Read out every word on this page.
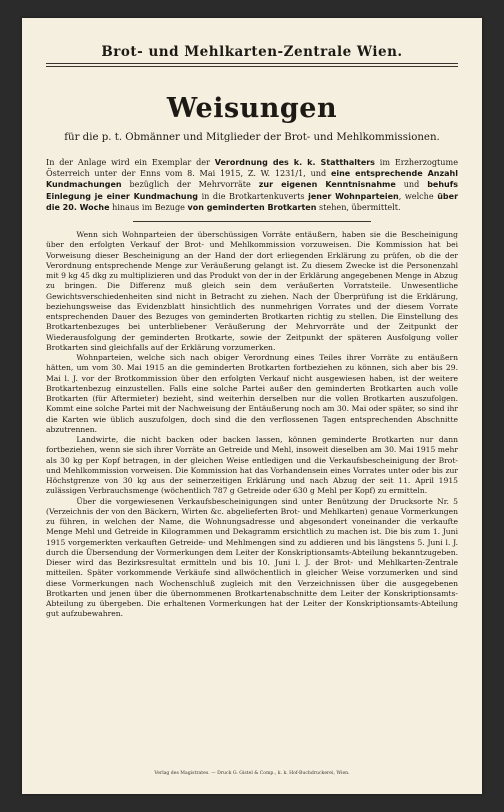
Brot- und Mehlkarten-Zentrale Wien.
Weisungen
für die p. t. Obmänner und Mitglieder der Brot- und Mehlkommissionen.
In der Anlage wird ein Exemplar der Verordnung des k. k. Statthalters im Erzherzogtume Österreich unter der Enns vom 8. Mai 1915, Z. W. 1231/1, und eine entsprechende Anzahl Kundmachungen bezüglich der Mehrvorräte zur eigenen Kenntnisnahme und behufs Einlegung je einer Kundmachung in die Brotkartenkuverts jener Wohnparteien, welche über die 20. Woche hinaus im Bezuge von geminderten Brotkarten stehen, übermittelt.

Wenn sich Wohnparteien der überschüssigen Vorräte entäußern, haben sie die Bescheinigung über den erfolgten Verkauf der Brot- und Mehlkommission vorzuweisen. Die Kommission hat bei Vorweisung dieser Bescheinigung an der Hand der dort erliegenden Erklärung zu prüfen, ob die der Verordnung entsprechende Menge zur Veräußerung gelangt ist. Zu diesem Zwecke ist die Personenzahl mit 9 kg 45 dkg zu multiplizieren und das Produkt von der in der Erklärung angegebenen Menge in Abzug zu bringen. Die Differenz muß gleich sein dem veräußerten Vorratsteile. Unwesentliche Gewichtsverschiedenheiten sind nicht in Betracht zu ziehen. Nach der Überprüfung ist die Erklärung, beziehungsweise das Evidenzblatt hinsichtlich des nunmehrigen Vorrates und der diesem Vorrate entsprechenden Dauer des Bezuges von geminderten Brotkarten richtig zu stellen. Die Einstellung des Brotkartenbezuges bei unterbliebener Veräußerung der Mehrvorräte und der Zeitpunkt der Wiederausfolgung der geminderten Brotkarte, sowie der Zeitpunkt der späteren Ausfolgung voller Brotkarten sind gleichfalls auf der Erklärung vorzumerken.

Wohnparteien, welche sich nach obiger Verordnung eines Teiles ihrer Vorräte zu entäußern hätten, um vom 30. Mai 1915 an die geminderten Brotkarten fortbeziehen zu können, sich aber bis 29. Mai l. J. vor der Brotkommission über den erfolgten Verkauf nicht ausgewiesen haben, ist der weitere Brotkartenbezug einzustellen. Falls eine solche Partei außer den geminderten Brotkarten auch volle Brotkarten (für Aftermieter) bezieht, sind weiterhin derselben nur die vollen Brotkarten auszufolgen. Kommt eine solche Partei mit der Nachweisung der Entäußerung noch am 30. Mai oder später, so sind ihr die Karten wie üblich auszufolgen, doch sind die den verflossenen Tagen entsprechenden Abschnitte abzutrennen.

Landwirte, die nicht backen oder backen lassen, können geminderte Brotkarten nur dann fortbeziehen, wenn sie sich ihrer Vorräte an Getreide und Mehl, insoweit dieselben am 30. Mai 1915 mehr als 30 kg per Kopf betragen, in der gleichen Weise entledigen und die Verkaufsbescheinigung der Brot- und Mehlkommission vorweisen. Die Kommission hat das Vorhandensein eines Vorrates unter oder bis zur Höchstgrenze von 30 kg aus der seinerzeitigen Erklärung und nach Abzug der seit 11. April 1915 zulässigen Verbrauchsmenge (wöchentlich 787 g Getreide oder 630 g Mehl per Kopf) zu ermitteln.

Über die vorgewiesenen Verkaufsbescheinigungen sind unter Benützung der Drucksorte Nr. 5 (Verzeichnis der von den Bäckern, Wirten &c. abgelieferten Brot- und Mehlkarten) genaue Vormerkungen zu führen, in welchen der Name, die Wohnungsadresse und abgesondert voneinander die verkaufte Menge Mehl und Getreide in Kilogrammen und Dekagramm ersichtlich zu machen ist. Die bis zum 1. Juni 1915 vorgemerkten verkauften Getreide- und Mehlmengen sind zu addieren und bis längstens 5. Juni l. J. durch die Übersendung der Vormerkungen dem Leiter der Konskriptionsamts-Abteilung bekanntzugeben. Dieser wird das Bezirksresultat ermitteln und bis 10. Juni l. J. der Brot- und Mehlkarten-Zentrale mitteilen. Später vorkommende Verkäufe sind allwöchentlich in gleicher Weise vorzumerken und sind diese Vormerkungen nach Wochenschluß zugleich mit den Verzeichnissen über die ausgegebenen Brotkarten und jenen über die übernommenen Brotkartenabschnitte dem Leiter der Konskriptionsamts-Abteilung zu übergeben. Die erhaltenen Vormerkungen hat der Leiter der Konskriptionsamts-Abteilung gut aufzubewahren.

Verlag des Magistrates. — Druck G. Gistel & Comp., k. k. Hof-Buchdruckerei, Wien.
